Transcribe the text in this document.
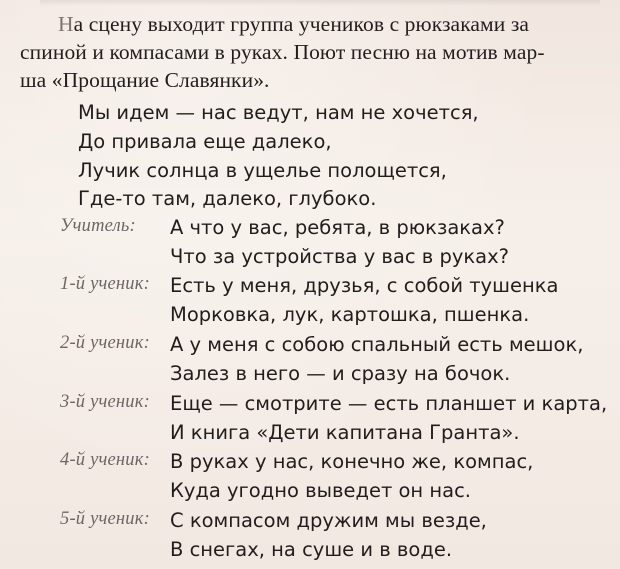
На сцену выходит группа учеников с рюкзаками за
спиной и компасами в руках. Поют песню на мотив мар-
ша «Прощание Славянки».
Мы идем — нас ведут, нам не хочется,
До привала еще далеко,
Лучик солнца в ущелье полощется,
Где-то там, далеко, глубоко.
Учитель: А что у вас, ребята, в рюкзаках?
Что за устройства у вас в руках?
1-й ученик: Есть у меня, друзья, с собой тушенка
Морковка, лук, картошка, пшенка.
2-й ученик: А у меня с собою спальный есть мешок,
Залез в него — и сразу на бочок.
3-й ученик: Еще — смотрите — есть планшет и карта,
И книга «Дети капитана Гранта».
4-й ученик: В руках у нас, конечно же, компас,
Куда угодно выведет он нас.
5-й ученик: С компасом дружим мы везде,
В снегах, на суше и в воде.
